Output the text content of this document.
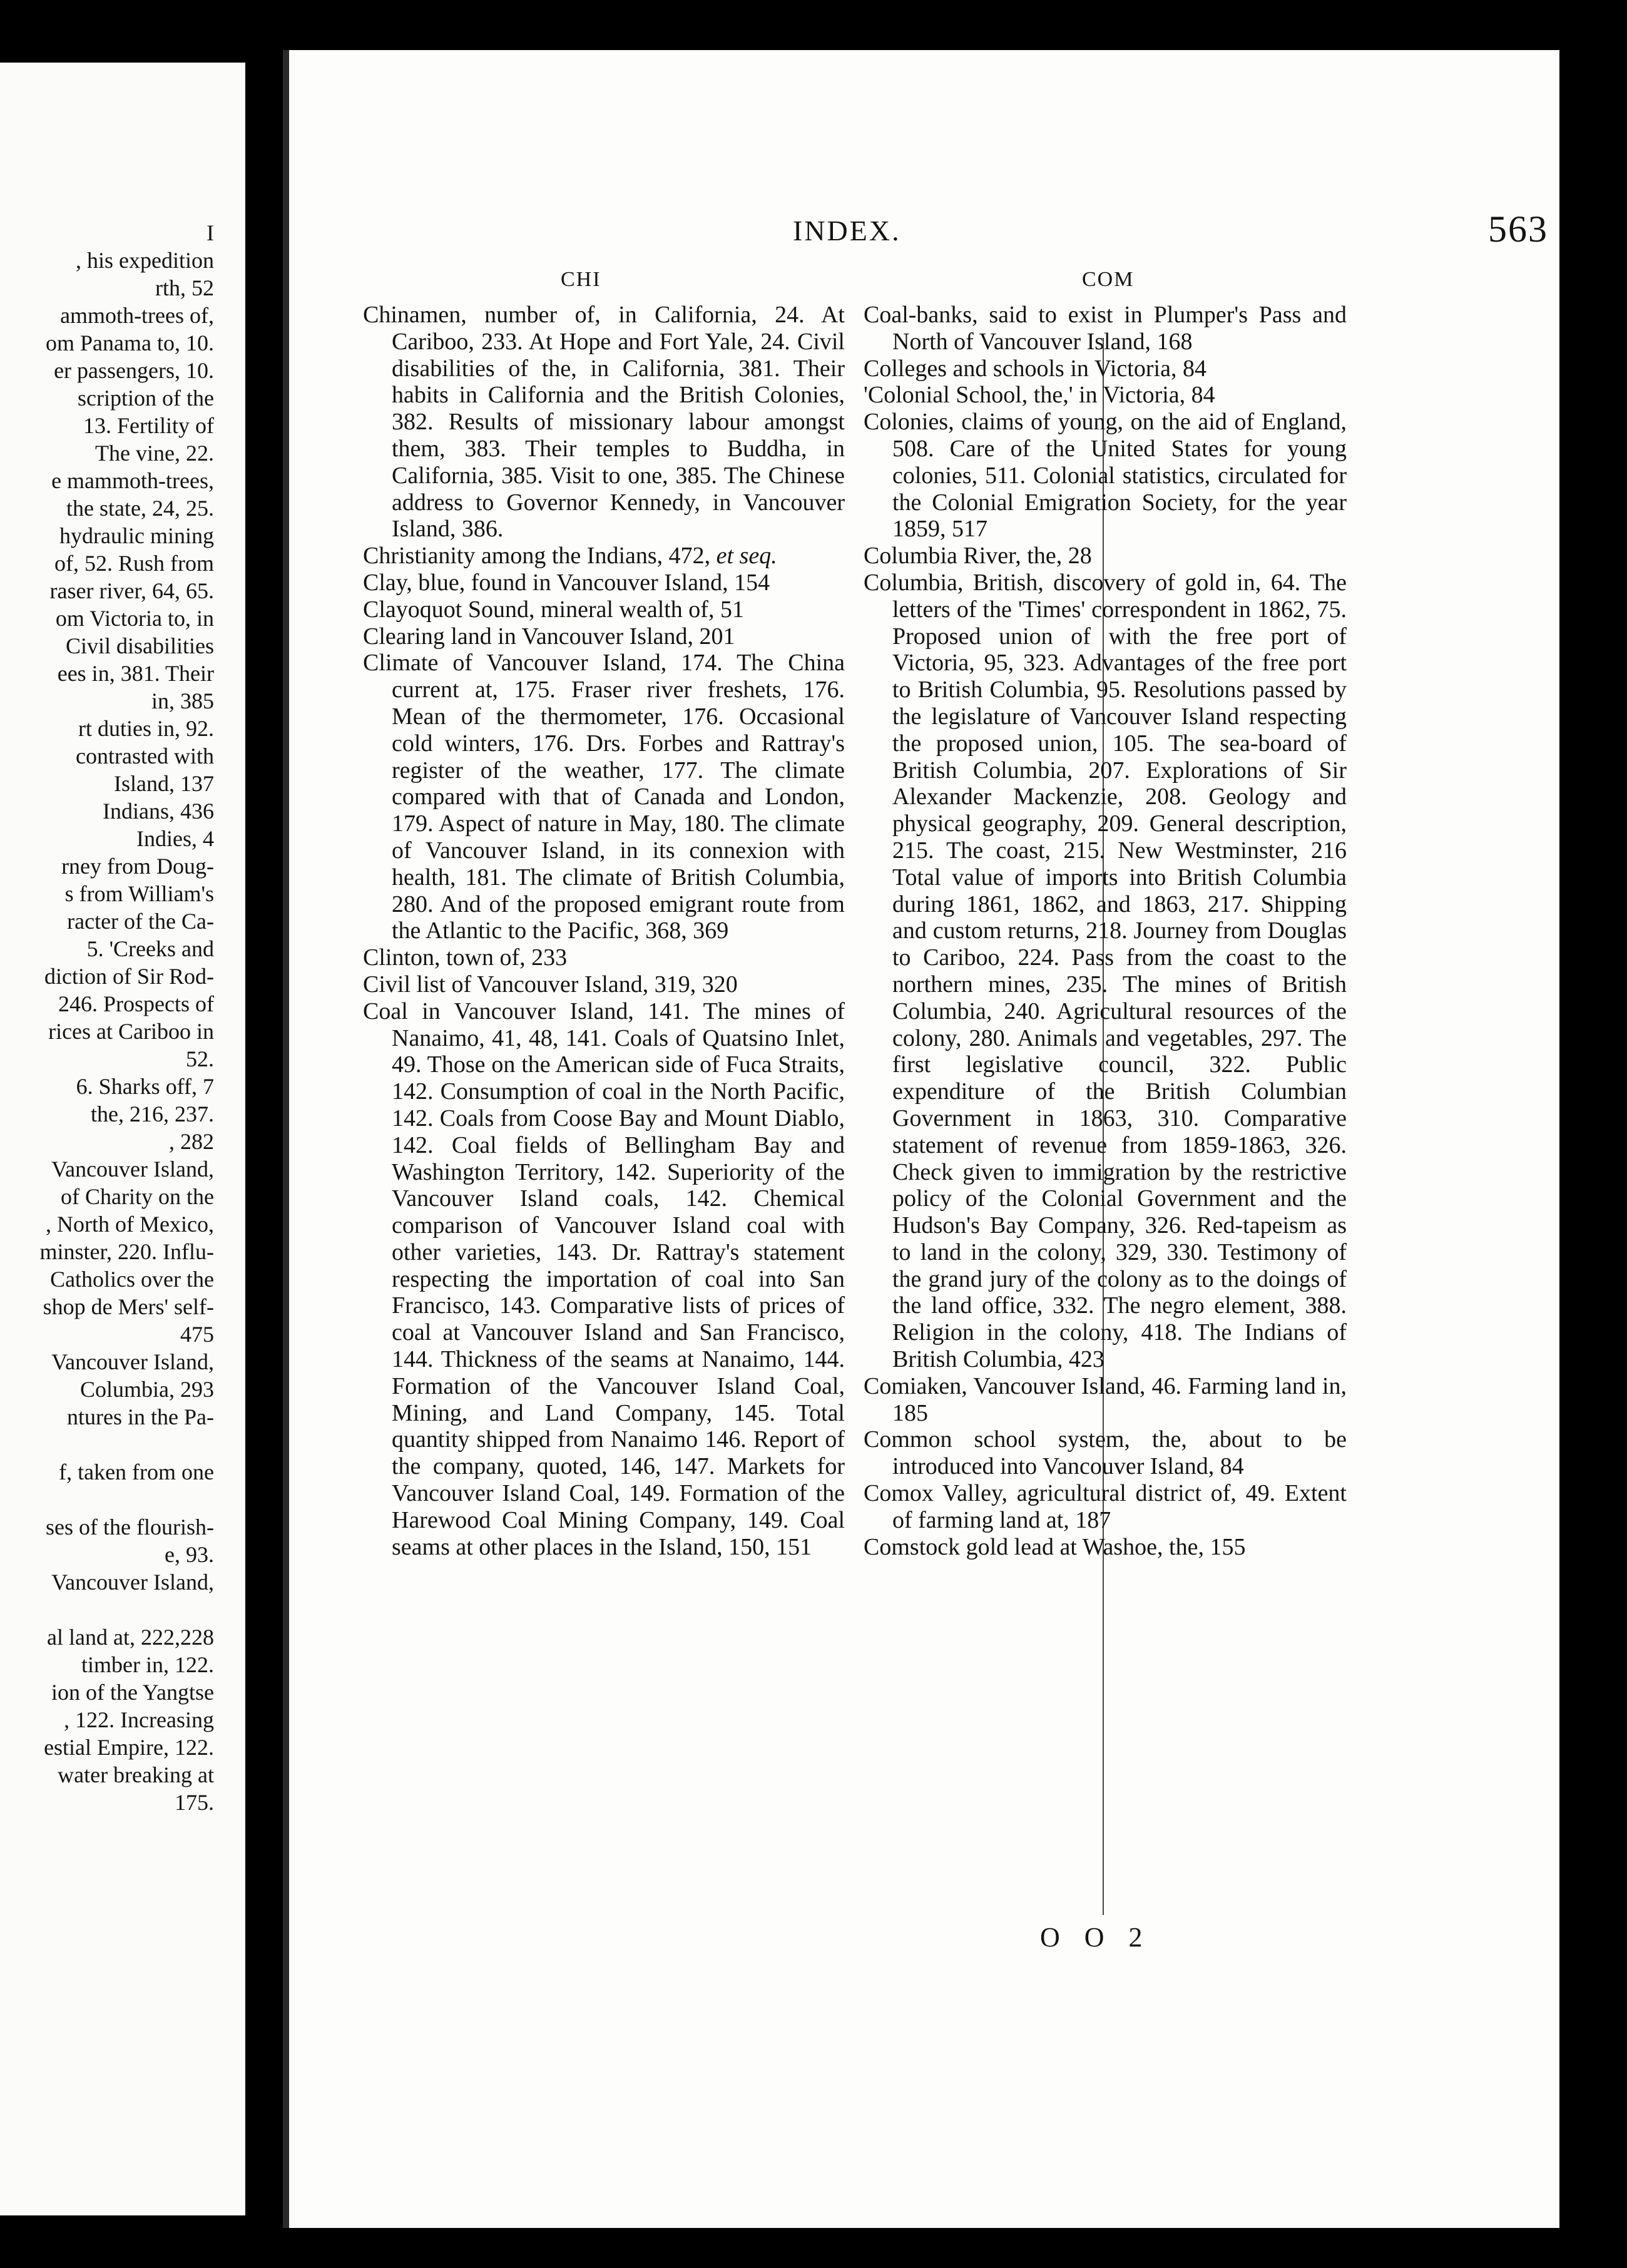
I
, his expedition
rth, 52
ammoth-trees of,
om Panama to, 10.
er passengers, 10.
scription of the
13. Fertility of
The vine, 22.
e mammoth-trees,
the state, 24, 25.
hydraulic mining
of, 52. Rush from
raser river, 64, 65.
om Victoria to, in
Civil disabilities
ees in, 381. Their
in, 385
rt duties in, 92.
contrasted with
Island, 137
Indians, 436
Indies, 4
rney from Doug-
s from William's
racter of the Ca-
5. 'Creeks and
diction of Sir Rod-
246. Prospects of
rices at Cariboo in
52.
6. Sharks off, 7
the, 216, 237.
, 282
Vancouver Island,
of Charity on the
, North of Mexico,
minster, 220. Influ-
Catholics over the
shop de Mers' self-
475
Vancouver Island,
Columbia, 293
ntures in the Pa-
f, taken from one
ses of the flourish-
e, 93.
Vancouver Island,
al land at, 222,228
timber in, 122.
ion of the Yangtse
, 122. Increasing
estial Empire, 122.
water breaking at
175.
INDEX.	563
CHI	COM

Chinamen, number of, in California, 24. At Cariboo, 233. At Hope and Fort Yale, 24. Civil disabilities of the, in California, 381. Their habits in California and the British Colonies, 382. Results of missionary labour amongst them, 383. Their temples to Buddha, in California, 385. Visit to one, 385. The Chinese address to Governor Kennedy, in Vancouver Island, 386.

Christianity among the Indians, 472, et seq.

Clay, blue, found in Vancouver Island, 154

Clayoquot Sound, mineral wealth of, 51

Clearing land in Vancouver Island, 201

Climate of Vancouver Island, 174. The China current at, 175. Fraser river freshets, 176. Mean of the thermometer, 176. Occasional cold winters, 176. Drs. Forbes and Rattray's register of the weather, 177. The climate compared with that of Canada and London, 179. Aspect of nature in May, 180. The climate of Vancouver Island, in its connexion with health, 181. The climate of British Columbia, 280. And of the proposed emigrant route from the Atlantic to the Pacific, 368, 369

Clinton, town of, 233

Civil list of Vancouver Island, 319, 320

Coal in Vancouver Island, 141. The mines of Nanaimo, 41, 48, 141. Coals of Quatsino Inlet, 49. Those on the American side of Fuca Straits, 142. Consumption of coal in the North Pacific, 142. Coals from Coose Bay and Mount Diablo, 142. Coal fields of Bellingham Bay and Washington Territory, 142. Superiority of the Vancouver Island coals, 142. Chemical comparison of Vancouver Island coal with other varieties, 143. Dr. Rattray's statement respecting the importation of coal into San Francisco, 143. Comparative lists of prices of coal at Vancouver Island and San Francisco, 144. Thickness of the seams at Nanaimo, 144. Formation of the Vancouver Island Coal, Mining, and Land Company, 145. Total quantity shipped from Nanaimo 146. Report of the company, quoted, 146, 147. Markets for Vancouver Island Coal, 149. Formation of the Harewood Coal Mining Company, 149. Coal seams at other places in the Island, 150, 151

Coal-banks, said to exist in Plumper's Pass and North of Vancouver Island, 168

Colleges and schools in Victoria, 84

'Colonial School, the,' in Victoria, 84

Colonies, claims of young, on the aid of England, 508. Care of the United States for young colonies, 511. Colonial statistics, circulated for the Colonial Emigration Society, for the year 1859, 517

Columbia River, the, 28

Columbia, British, discovery of gold in, 64. The letters of the 'Times' correspondent in 1862, 75. Proposed union of with the free port of Victoria, 95, 323. Advantages of the free port to British Columbia, 95. Resolutions passed by the legislature of Vancouver Island respecting the proposed union, 105. The sea-board of British Columbia, 207. Explorations of Sir Alexander Mackenzie, 208. Geology and physical geography, 209. General description, 215. The coast, 215. New Westminster, 216 Total value of imports into British Columbia during 1861, 1862, and 1863, 217. Shipping and custom returns, 218. Journey from Douglas to Cariboo, 224. Pass from the coast to the northern mines, 235. The mines of British Columbia, 240. Agricultural resources of the colony, 280. Animals and vegetables, 297. The first legislative council, 322. Public expenditure of the British Columbian Government in 1863, 310. Comparative statement of revenue from 1859-1863, 326. Check given to immigration by the restrictive policy of the Colonial Government and the Hudson's Bay Company, 326. Red-tapeism as to land in the colony, 329, 330. Testimony of the grand jury of the colony as to the doings of the land office, 332. The negro element, 388. Religion in the colony, 418. The Indians of British Columbia, 423

Comiaken, Vancouver Island, 46. Farming land in, 185

Common school system, the, about to be introduced into Vancouver Island, 84

Comox Valley, agricultural district of, 49. Extent of farming land at, 187

Comstock gold lead at Washoe, the, 155

O O 2
